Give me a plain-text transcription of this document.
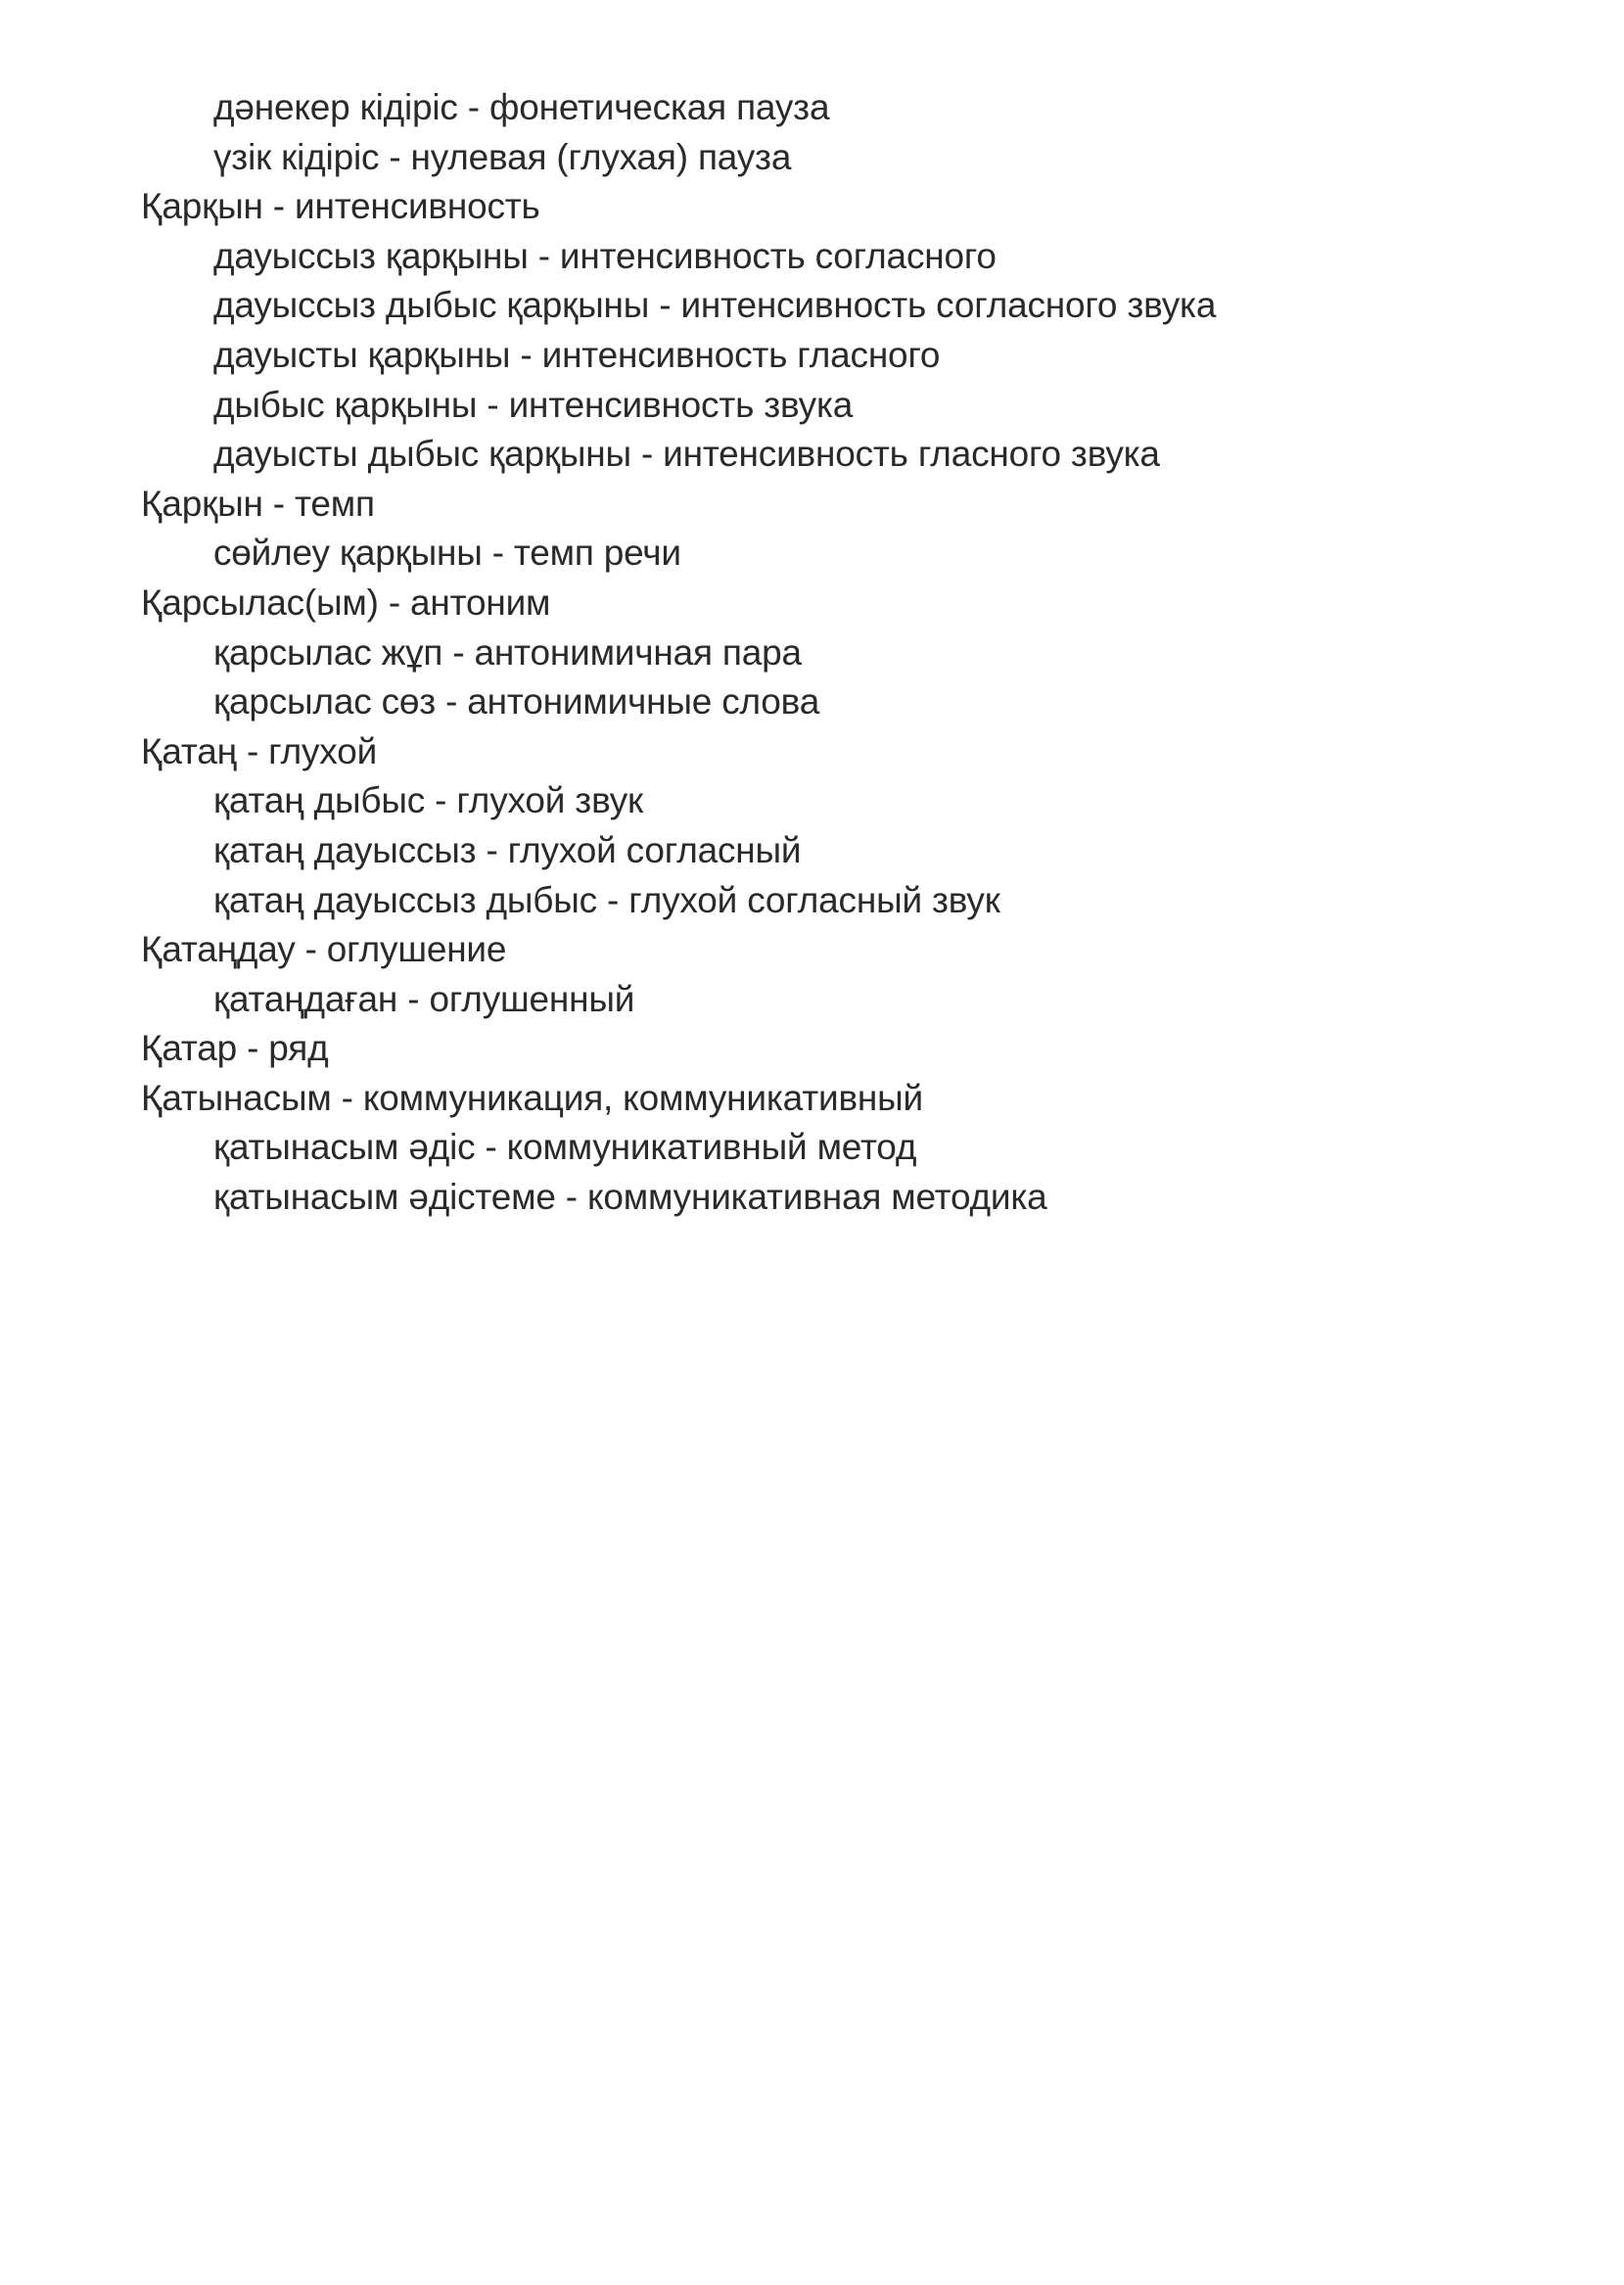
дәнекер кідіріс - фонетическая пауза
үзік кідіріс - нулевая (глухая) пауза
Қарқын - интенсивность
дауыссыз қарқыны - интенсивность согласного
дауыссыз дыбыс қарқыны - интенсивность согласного звука
дауысты қарқыны - интенсивность гласного
дыбыс қарқыны - интенсивность звука
дауысты дыбыс қарқыны - интенсивность гласного звука
Қарқын - темп
сөйлеу қарқыны - темп речи
Қарсылас(ым) - антоним
қарсылас жұп - антонимичная пара
қарсылас сөз - антонимичные слова
Қатаң - глухой
қатаң дыбыс - глухой звук
қатаң дауыссыз - глухой согласный
қатаң дауыссыз дыбыс - глухой согласный звук
Қатаңдау - оглушение
қатаңдаған - оглушенный
Қатар - ряд
Қатынасым - коммуникация, коммуникативный
қатынасым әдіс - коммуникативный метод
қатынасым әдістеме - коммуникативная методика
